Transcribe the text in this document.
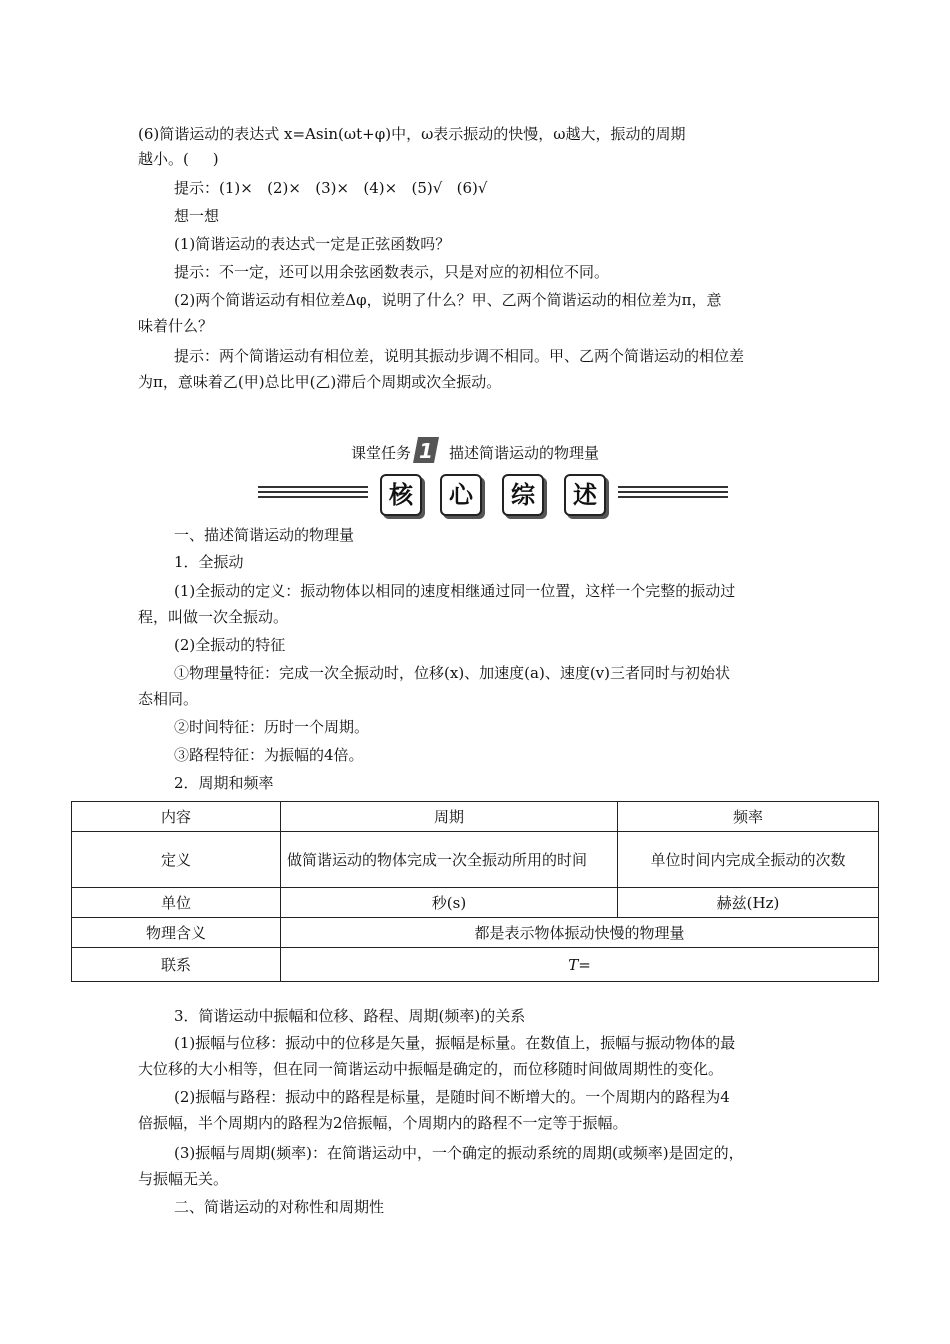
(6)简谐运动的表达式 x=Asin(ωt+φ)中，ω表示振动的快慢，ω越大，振动的周期

越小。(     )

提示：(1)×   (2)×   (3)×   (4)×   (5)√   (6)√

想一想

(1)简谐运动的表达式一定是正弦函数吗？

提示：不一定，还可以用余弦函数表示，只是对应的初相位不同。

(2)两个简谐运动有相位差Δφ，说明了什么？甲、乙两个简谐运动的相位差为π，意

味着什么？

提示：两个简谐运动有相位差，说明其振动步调不相同。甲、乙两个简谐运动的相位差

为π，意味着乙(甲)总比甲(乙)滞后个周期或次全振动。

课堂任务 1 描述简谐运动的物理量
核	心	综	述

一、描述简谐运动的物理量

1．全振动

(1)全振动的定义：振动物体以相同的速度相继通过同一位置，这样一个完整的振动过

程，叫做一次全振动。

(2)全振动的特征

①物理量特征：完成一次全振动时，位移(x)、加速度(a)、速度(v)三者同时与初始状

态相同。

②时间特征：历时一个周期。

③路程特征：为振幅的4倍。

2．周期和频率

内容	周期	频率
定义	做简谐运动的物体完成一次全振动所用的时间	单位时间内完成全振动的次数
单位	秒(s)	赫兹(Hz)
物理含义	都是表示物体振动快慢的物理量	
联系	T=	

3．简谐运动中振幅和位移、路程、周期(频率)的关系

(1)振幅与位移：振动中的位移是矢量，振幅是标量。在数值上，振幅与振动物体的最

大位移的大小相等，但在同一简谐运动中振幅是确定的，而位移随时间做周期性的变化。

(2)振幅与路程：振动中的路程是标量，是随时间不断增大的。一个周期内的路程为4

倍振幅，半个周期内的路程为2倍振幅，个周期内的路程不一定等于振幅。

(3)振幅与周期(频率)：在简谐运动中，一个确定的振动系统的周期(或频率)是固定的，

与振幅无关。

二、简谐运动的对称性和周期性
